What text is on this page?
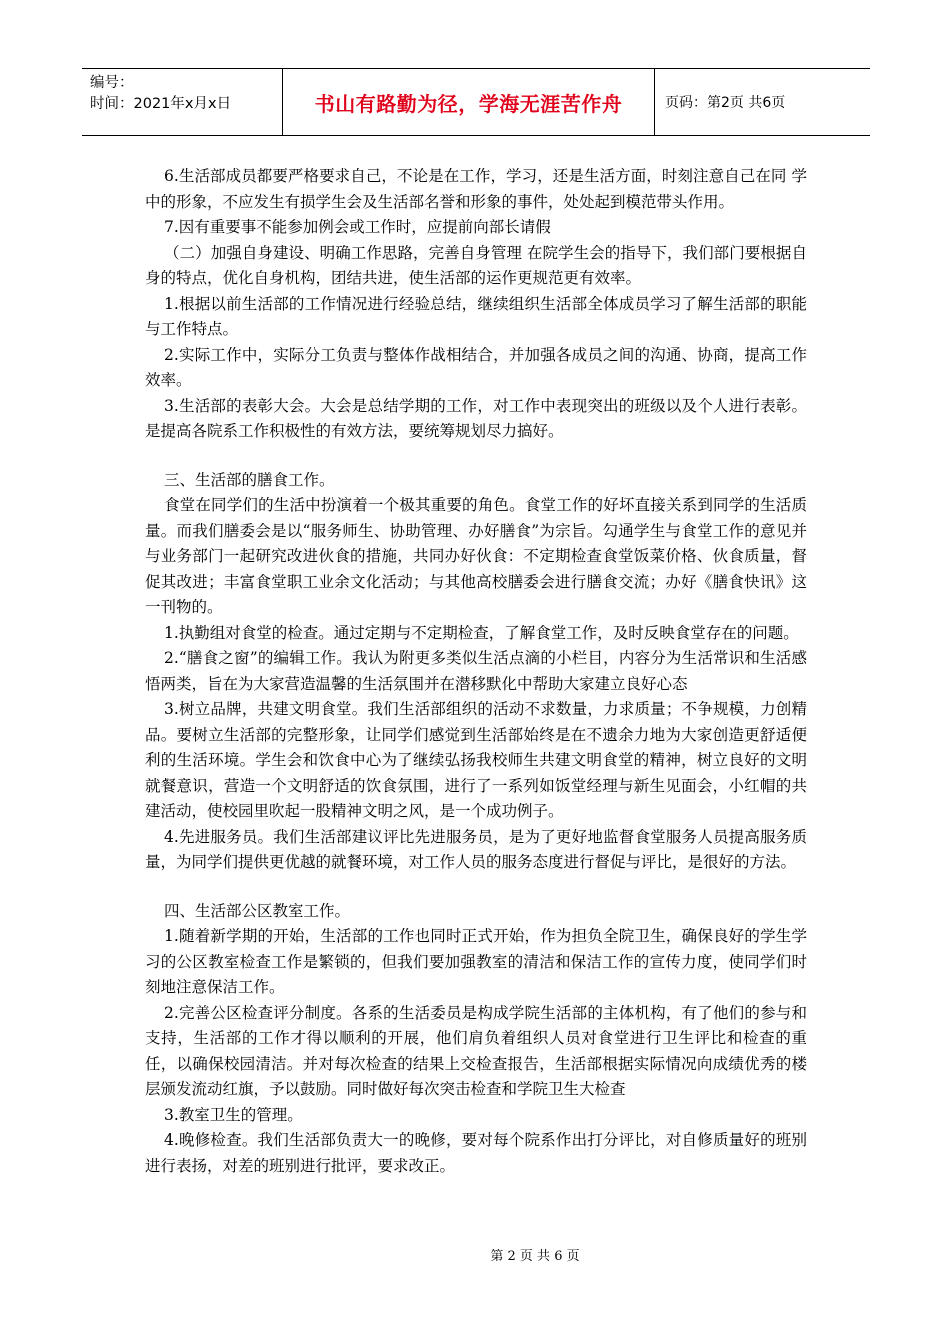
编号：
时间：2021年x月x日	书山有路勤为径，学海无涯苦作舟	页码：第2页 共6页

6.生活部成员都要严格要求自己，不论是在工作，学习，还是生活方面，时刻注意自己在同 学中的形象，不应发生有损学生会及生活部名誉和形象的事件，处处起到模范带头作用。

7.因有重要事不能参加例会或工作时，应提前向部长请假

（二）加强自身建设、明确工作思路，完善自身管理 在院学生会的指导下，我们部门要根据自身的特点，优化自身机构，团结共进，使生活部的运作更规范更有效率。

1.根据以前生活部的工作情况进行经验总结，继续组织生活部全体成员学习了解生活部的职能与工作特点。

2.实际工作中，实际分工负责与整体作战相结合，并加强各成员之间的沟通、协商，提高工作效率。

3.生活部的表彰大会。大会是总结学期的工作，对工作中表现突出的班级以及个人进行表彰。是提高各院系工作积极性的有效方法，要统筹规划尽力搞好。

三、生活部的膳食工作。

食堂在同学们的生活中扮演着一个极其重要的角色。食堂工作的好坏直接关系到同学的生活质量。而我们膳委会是以“服务师生、协助管理、办好膳食”为宗旨。勾通学生与食堂工作的意见并与业务部门一起研究改进伙食的措施，共同办好伙食：不定期检查食堂饭菜价格、伙食质量，督促其改进；丰富食堂职工业余文化活动；与其他高校膳委会进行膳食交流；办好《膳食快讯》这一刊物的。

1.执勤组对食堂的检查。通过定期与不定期检查，了解食堂工作，及时反映食堂存在的问题。

2.“膳食之窗”的编辑工作。我认为附更多类似生活点滴的小栏目，内容分为生活常识和生活感悟两类，旨在为大家营造温馨的生活氛围并在潜移默化中帮助大家建立良好心态

3.树立品牌，共建文明食堂。我们生活部组织的活动不求数量，力求质量；不争规模，力创精品。要树立生活部的完整形象，让同学们感觉到生活部始终是在不遗余力地为大家创造更舒适便利的生活环境。学生会和饮食中心为了继续弘扬我校师生共建文明食堂的精神，树立良好的文明就餐意识，营造一个文明舒适的饮食氛围，进行了一系列如饭堂经理与新生见面会，小红帽的共建活动，使校园里吹起一股精神文明之风，是一个成功例子。

4.先进服务员。我们生活部建议评比先进服务员，是为了更好地监督食堂服务人员提高服务质量，为同学们提供更优越的就餐环境，对工作人员的服务态度进行督促与评比，是很好的方法。

四、生活部公区教室工作。

1.随着新学期的开始，生活部的工作也同时正式开始，作为担负全院卫生，确保良好的学生学习的公区教室检查工作是繁锁的，但我们要加强教室的清洁和保洁工作的宣传力度，使同学们时刻地注意保洁工作。

2.完善公区检查评分制度。各系的生活委员是构成学院生活部的主体机构，有了他们的参与和支持，生活部的工作才得以顺利的开展，他们肩负着组织人员对食堂进行卫生评比和检查的重任，以确保校园清洁。并对每次检查的结果上交检查报告，生活部根据实际情况向成绩优秀的楼层颁发流动红旗，予以鼓励。同时做好每次突击检查和学院卫生大检查

3.教室卫生的管理。

4.晚修检查。我们生活部负责大一的晚修，要对每个院系作出打分评比，对自修质量好的班别进行表扬，对差的班别进行批评，要求改正。

第 2 页 共 6 页
